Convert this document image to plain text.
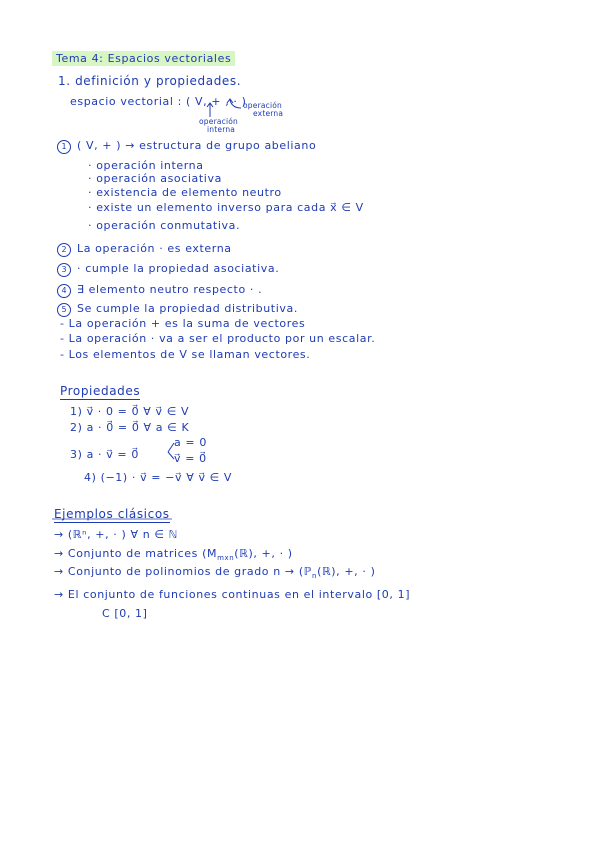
Tema 4: Espacios vectoriales
1. definición y propiedades.
espacio vectorial : ( V, + , · )
operación
externa
operación
interna
1 ( V, + ) → estructura de grupo abeliano
· operación interna
· operación asociativa
· existencia de elemento neutro
· existe un elemento inverso para cada x⃗ ∈ V
· operación conmutativa.
2 La operación · es externa
3 · cumple la propiedad asociativa.
4 ∃ elemento neutro respecto · .
5 Se cumple la propiedad distributiva.
- La operación + es la suma de vectores
- La operación · va a ser el producto por un escalar.
- Los elementos de V se llaman vectores.
Propiedades
1) v⃗ · 0 = 0⃗ ∀ v⃗ ∈ V
2) a · 0⃗ = 0⃗ ∀ a ∈ K
3) a · v⃗ = 0⃗
a = 0
v⃗ = 0⃗
4) (−1) · v⃗ = −v⃗ ∀ v⃗ ∈ V
Ejemplos clásicos
→ (ℝⁿ, +, · ) ∀ n ∈ ℕ
→ Conjunto de matrices ($M_{mxn}(ℝ)$, +, · )
→ Conjunto de polinomios de grado n → (ℙ$_n$(ℝ), +, · )
→ El conjunto de funciones continuas en el intervalo [0, 1]
C [0, 1]
